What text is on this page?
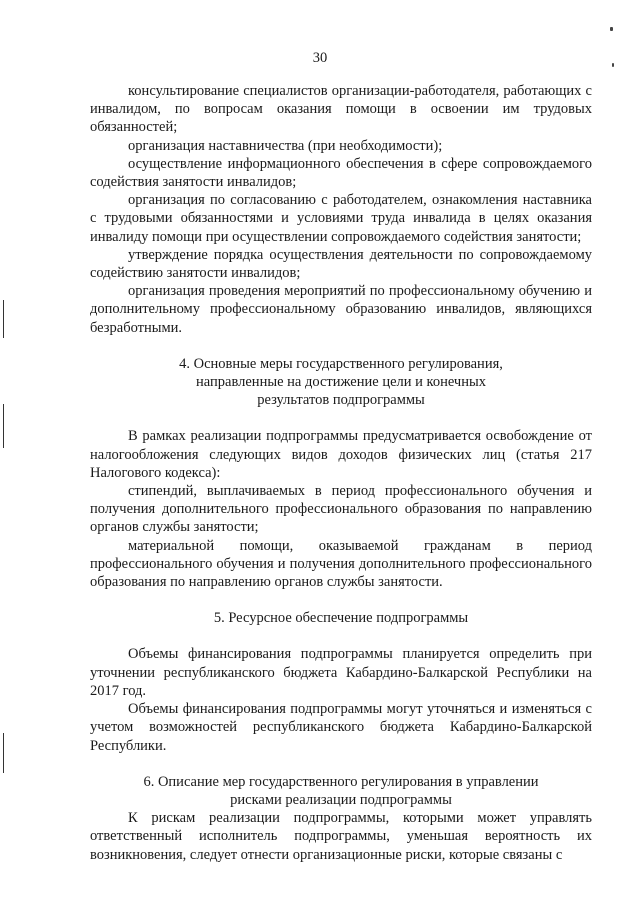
30

консультирование специалистов организации-работодателя, работающих с инвалидом, по вопросам оказания помощи в освоении им трудовых обязанностей;

организация наставничества (при необходимости);

осуществление информационного обеспечения в сфере сопровождаемого содействия занятости инвалидов;

организация по согласованию с работодателем, ознакомления наставника с трудовыми обязанностями и условиями труда инвалида в целях оказания инвалиду помощи при осуществлении сопровождаемого содействия занятости;

утверждение порядка осуществления деятельности по сопровождаемому содействию занятости инвалидов;

организация проведения мероприятий по профессиональному обучению и дополнительному профессиональному образованию инвалидов, являющихся безработными.

4. Основные меры государственного регулирования,
направленные на достижение цели и конечных
результатов подпрограммы

В рамках реализации подпрограммы предусматривается освобождение от налогообложения следующих видов доходов физических лиц (статья 217 Налогового кодекса):

стипендий, выплачиваемых в период профессионального обучения и получения дополнительного профессионального образования по направлению органов службы занятости;

материальной помощи, оказываемой гражданам в период профессионального обучения и получения дополнительного профессионального образования по направлению органов службы занятости.

5. Ресурсное обеспечение подпрограммы

Объемы финансирования подпрограммы планируется определить при уточнении республиканского бюджета Кабардино-Балкарской Республики на 2017 год.

Объемы финансирования подпрограммы могут уточняться и изменяться с учетом возможностей республиканского бюджета Кабардино-Балкарской Республики.

6. Описание мер государственного регулирования в управлении
рисками реализации подпрограммы

К рискам реализации подпрограммы, которыми может управлять ответственный исполнитель подпрограммы, уменьшая вероятность их возникновения, следует отнести организационные риски, которые связаны с
